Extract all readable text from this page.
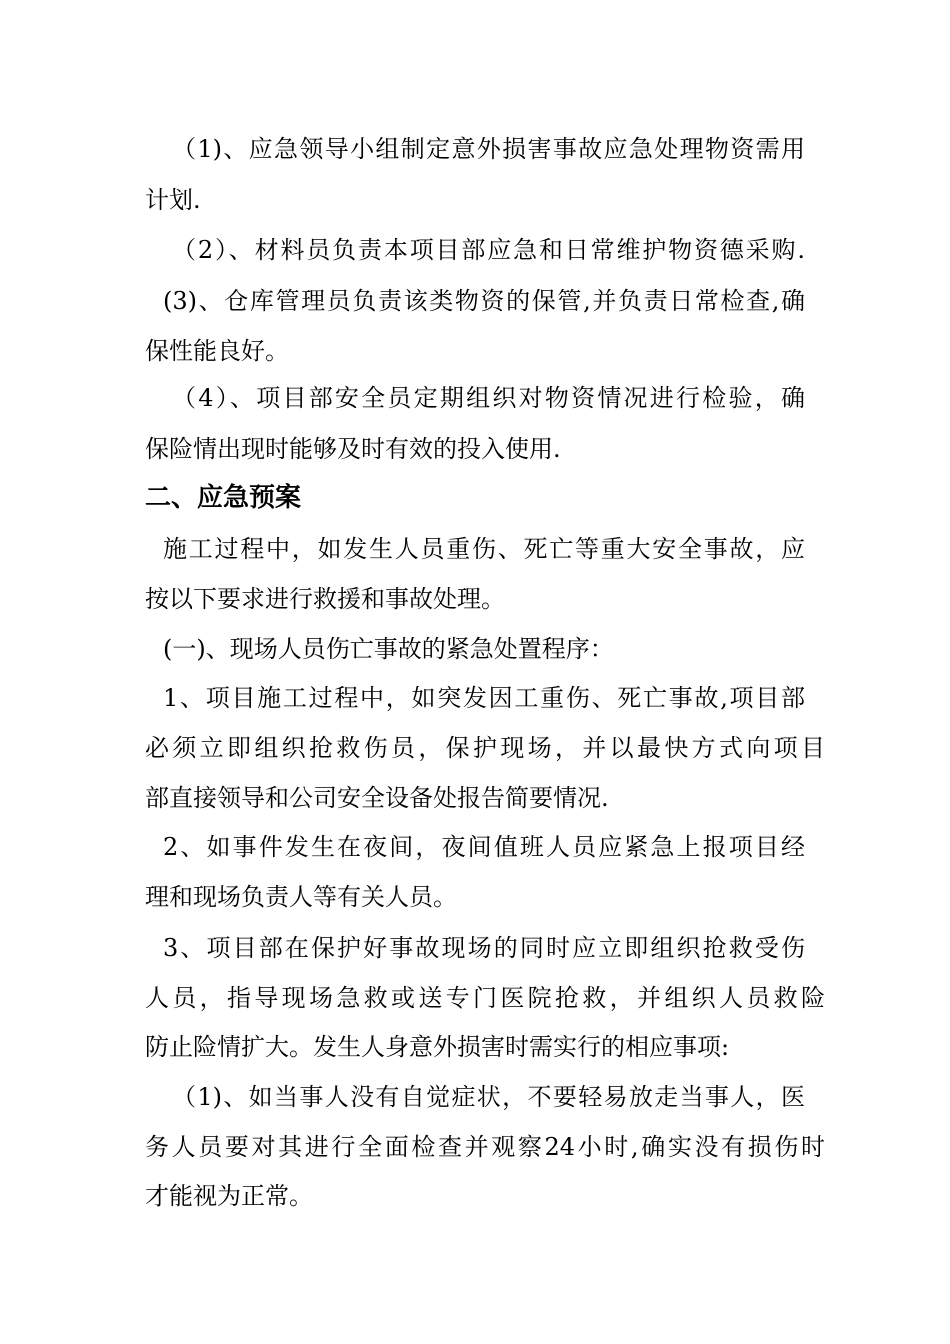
（1)、应急领导小组制定意外损害事故应急处理物资需用
计划.
（2）、材料员负责本项目部应急和日常维护物资德采购.
(3)、仓库管理员负责该类物资的保管,并负责日常检查,确
保性能良好。
（4）、项目部安全员定期组织对物资情况进行检验，确
保险情出现时能够及时有效的投入使用.
二、应急预案
施工过程中，如发生人员重伤、死亡等重大安全事故，应
按以下要求进行救援和事故处理。
(一)、现场人员伤亡事故的紧急处置程序：
1、项目施工过程中，如突发因工重伤、死亡事故,项目部
必须立即组织抢救伤员，保护现场，并以最快方式向项目
部直接领导和公司安全设备处报告简要情况.
2、如事件发生在夜间，夜间值班人员应紧急上报项目经
理和现场负责人等有关人员。
3、项目部在保护好事故现场的同时应立即组织抢救受伤
人员，指导现场急救或送专门医院抢救，并组织人员救险
防止险情扩大。发生人身意外损害时需实行的相应事项:
（1)、如当事人没有自觉症状，不要轻易放走当事人，医
务人员要对其进行全面检查并观察24小时,确实没有损伤时
才能视为正常。
